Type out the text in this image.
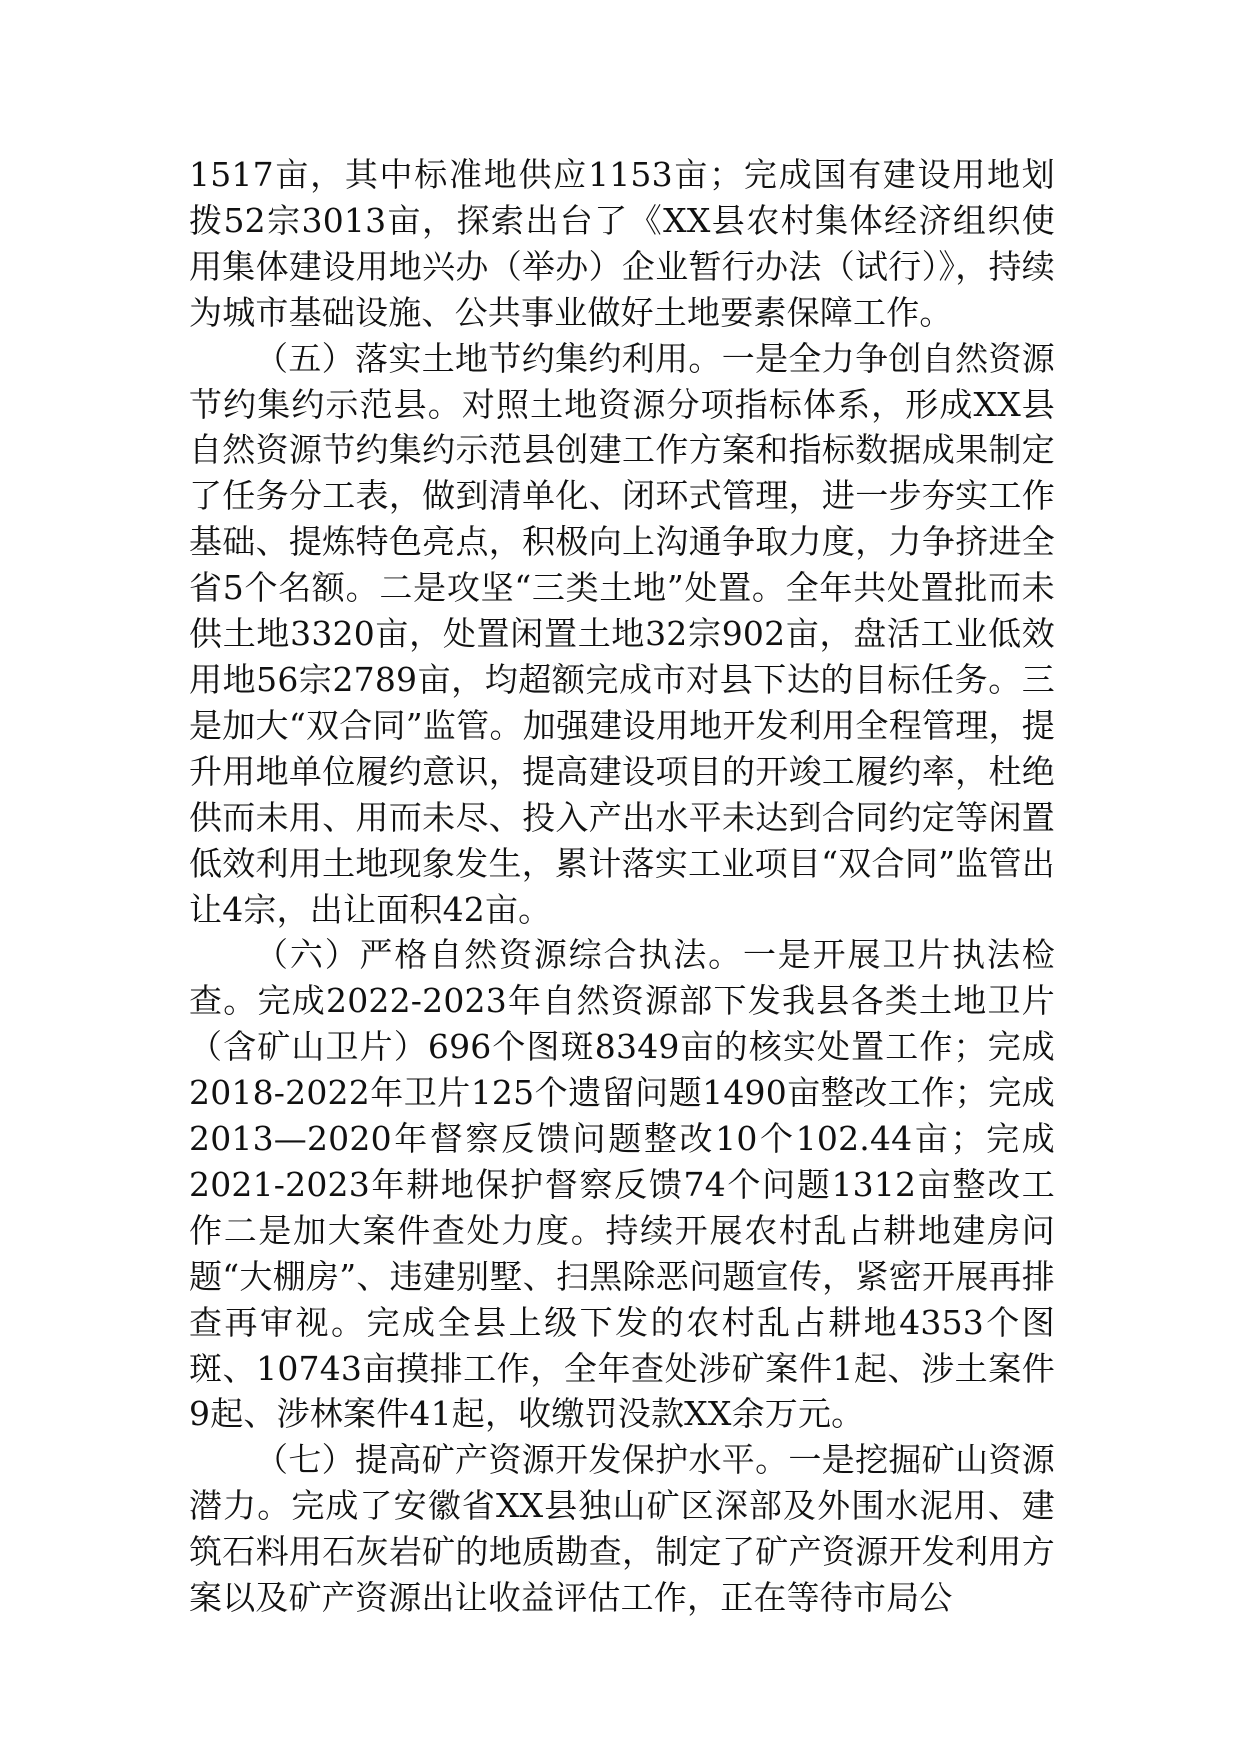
1517亩，其中标准地供应1153亩；完成国有建设用地划拨52宗3013亩，探索出台了《XX县农村集体经济组织使用集体建设用地兴办（举办）企业暂行办法（试行）》，持续为城市基础设施、公共事业做好土地要素保障工作。

（五）落实土地节约集约利用。一是全力争创自然资源节约集约示范县。对照土地资源分项指标体系，形成XX县自然资源节约集约示范县创建工作方案和指标数据成果制定了任务分工表，做到清单化、闭环式管理，进一步夯实工作基础、提炼特色亮点，积极向上沟通争取力度，力争挤进全省5个名额。二是攻坚“三类土地”处置。全年共处置批而未供土地3320亩，处置闲置土地32宗902亩，盘活工业低效用地56宗2789亩，均超额完成市对县下达的目标任务。三是加大“双合同”监管。加强建设用地开发利用全程管理，提升用地单位履约意识，提高建设项目的开竣工履约率，杜绝供而未用、用而未尽、投入产出水平未达到合同约定等闲置低效利用土地现象发生，累计落实工业项目“双合同”监管出让4宗，出让面积42亩。

（六）严格自然资源综合执法。一是开展卫片执法检查。完成2022-2023年自然资源部下发我县各类土地卫片（含矿山卫片）696个图斑8349亩的核实处置工作；完成2018-2022年卫片125个遗留问题1490亩整改工作；完成2013—2020年督察反馈问题整改10个102.44亩；完成2021-2023年耕地保护督察反馈74个问题1312亩整改工作二是加大案件查处力度。持续开展农村乱占耕地建房问题“大棚房”、违建别墅、扫黑除恶问题宣传，紧密开展再排查再审视。完成全县上级下发的农村乱占耕地4353个图斑、10743亩摸排工作，全年查处涉矿案件1起、涉土案件9起、涉林案件41起，收缴罚没款XX余万元。

（七）提高矿产资源开发保护水平。一是挖掘矿山资源潜力。完成了安徽省XX县独山矿区深部及外围水泥用、建筑石料用石灰岩矿的地质勘查，制定了矿产资源开发利用方案以及矿产资源出让收益评估工作，正在等待市局公
